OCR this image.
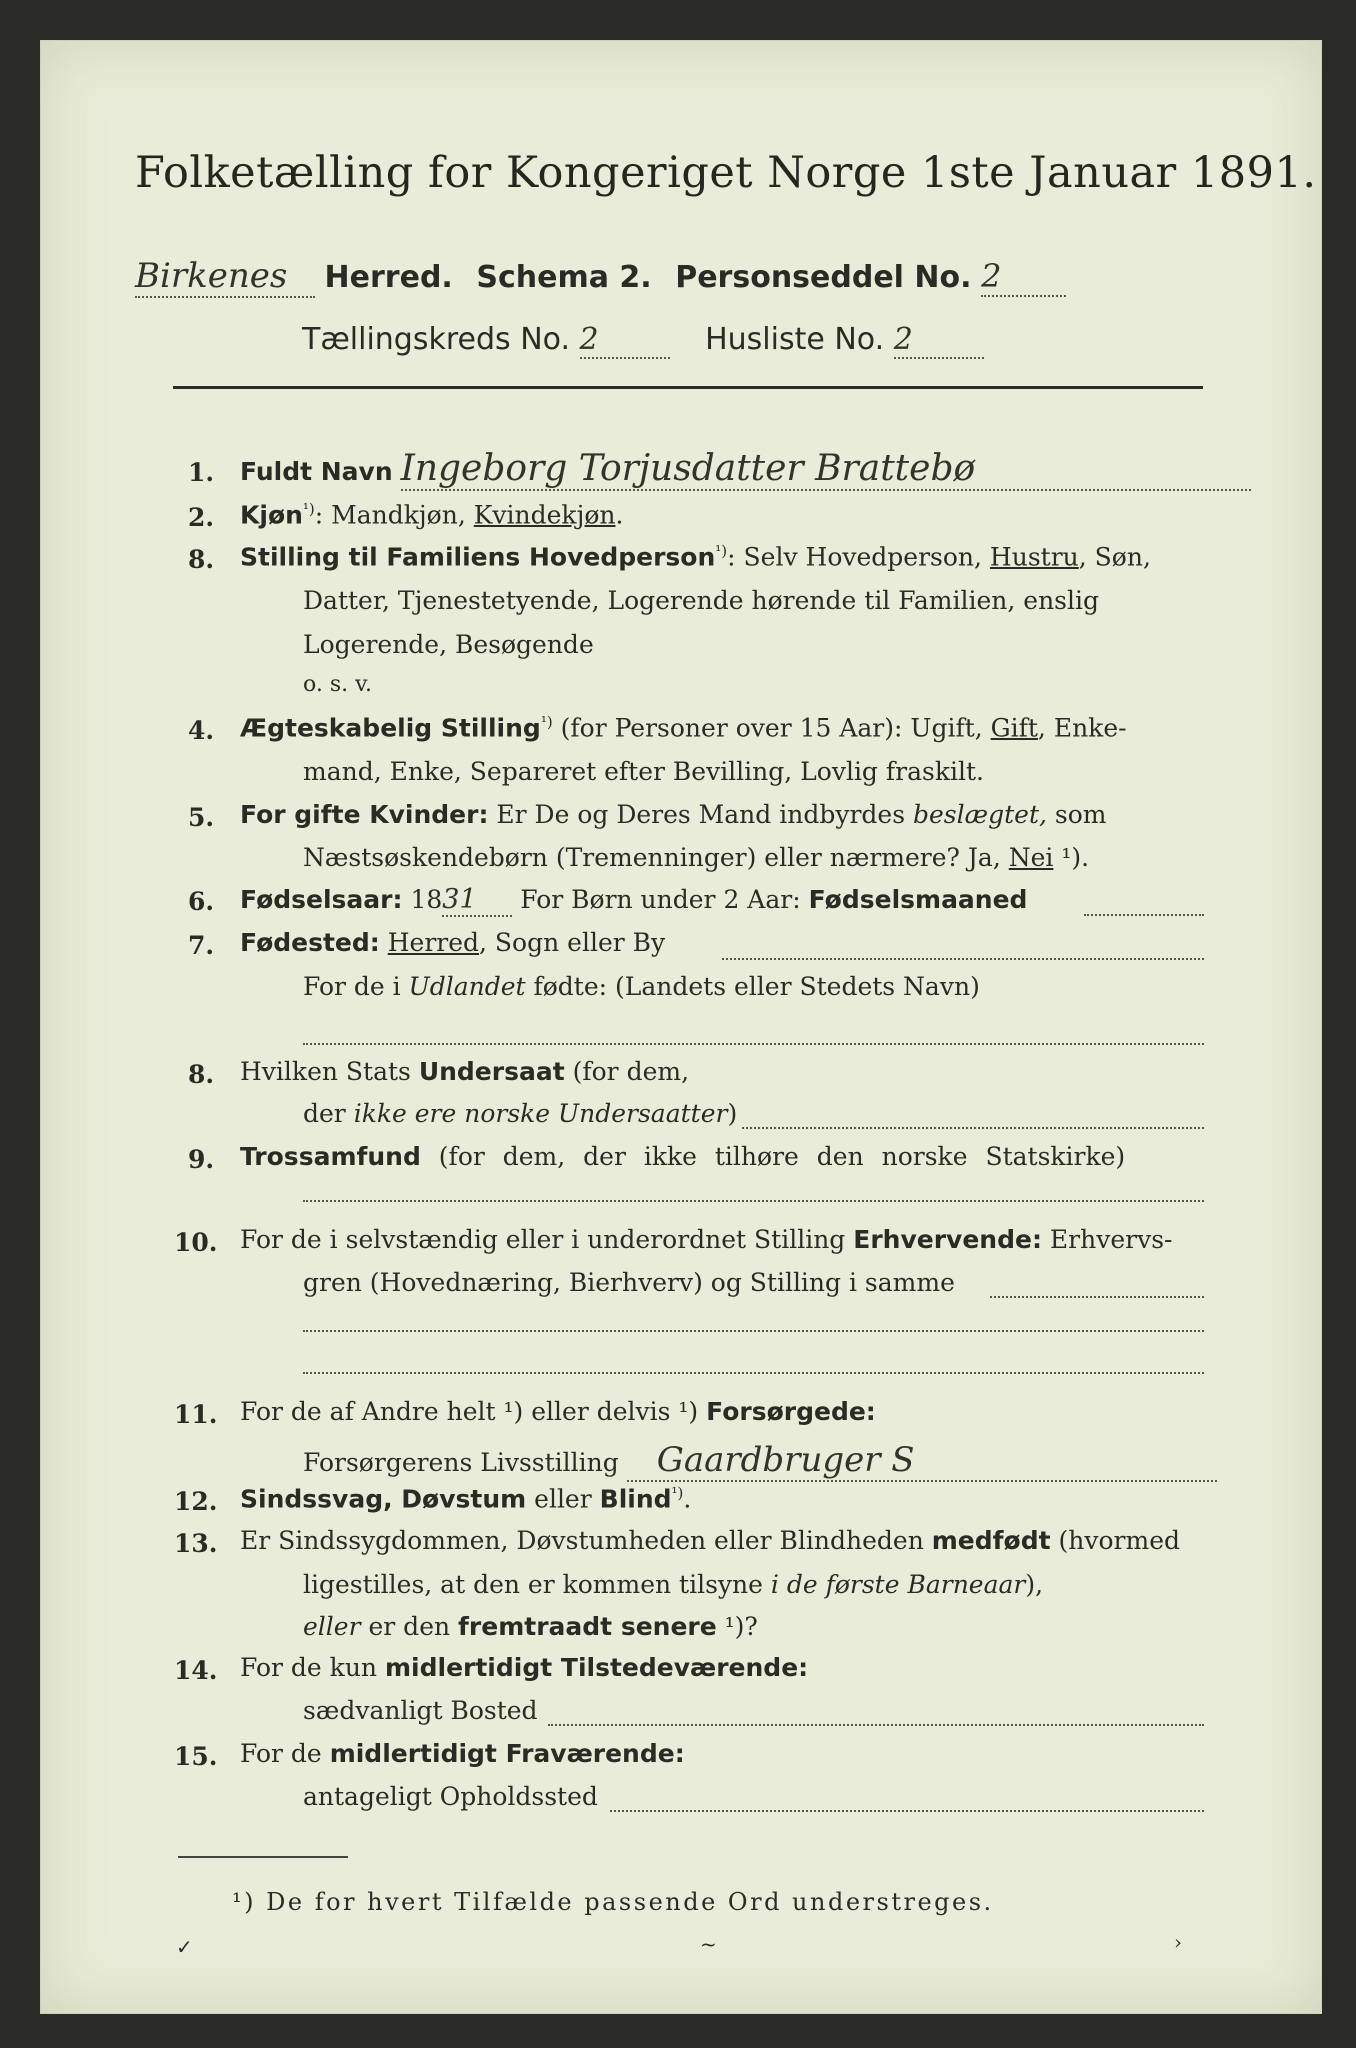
Folketælling for Kongeriget Norge 1ste Januar 1891.
Birkenes Herred. Schema 2. Personseddel No. 2
Tællingskreds No. 2	Husliste No. 2
1. Fuldt Navn Ingeborg Torjusdatter Brattebø
2. Kjøn$^{^1)}$: Mandkjøn, Kvindekjøn.
8. Stilling til Familiens Hovedperson$^{^1)}$: Selv Hovedperson, Hustru, Søn,
Datter, Tjenestetyende, Logerende hørende til Familien, enslig
Logerende, Besøgende
o. s. v.
4. Ægteskabelig Stilling$^{^1)}$ (for Personer over 15 Aar): Ugift, Gift, Enke-
mand, Enke, Separeret efter Bevilling, Lovlig fraskilt.
5. For gifte Kvinder: Er De og Deres Mand indbyrdes beslægtet, som
Næstsøskendebørn (Tremenninger) eller nærmere? Ja, Nei ¹).
6. Fødselsaar: 1831 For Børn under 2 Aar: Fødselsmaaned
7. Fødested: Herred, Sogn eller By
For de i Udlandet fødte: (Landets eller Stedets Navn)
8. Hvilken Stats Undersaat (for dem,
der ikke ere norske Undersaatter)
9. Trossamfund (for dem, der ikke tilhøre den norske Statskirke)
10. For de i selvstændig eller i underordnet Stilling Erhvervende: Erhvervs-
gren (Hovednæring, Bierhverv) og Stilling i samme
11. For de af Andre helt ¹) eller delvis ¹) Forsørgede:
Forsørgerens Livsstilling Gaardbruger S
12. Sindssvag, Døvstum eller Blind$^{^1)}$.
13. Er Sindssygdommen, Døvstumheden eller Blindheden medfødt (hvormed
ligestilles, at den er kommen tilsyne i de første Barneaar),
eller er den fremtraadt senere ¹)?
14. For de kun midlertidigt Tilstedeværende:
sædvanligt Bosted
15. For de midlertidigt Fraværende:
antageligt Opholdssted
¹) De for hvert Tilfælde passende Ord understreges.
✓	~	›
